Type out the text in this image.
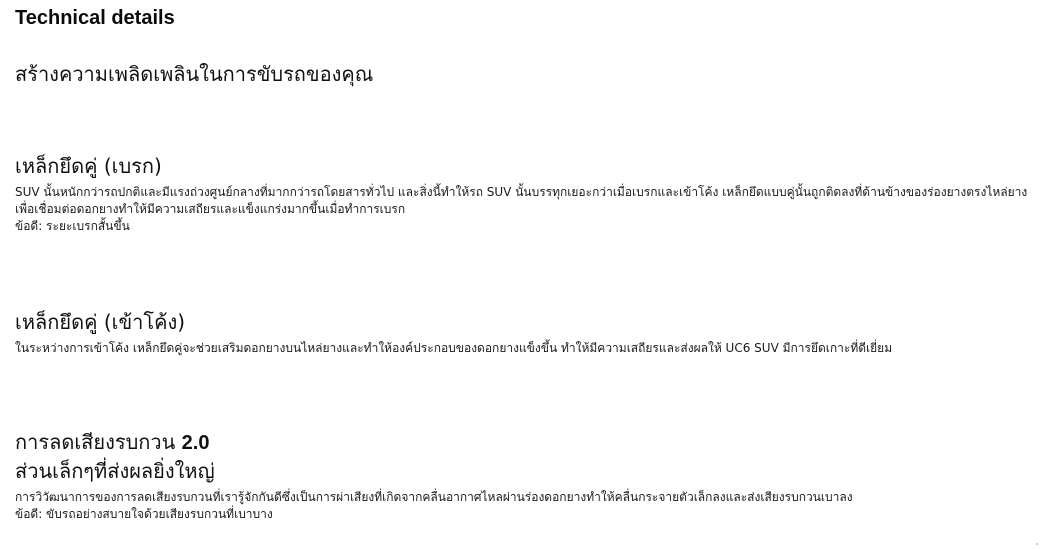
Technical details
สร้างความเพลิดเพลินในการขับรถของคุณ
เหล็กยึดคู่ (เบรก)

SUV นั้นหนักกว่ารถปกติและมีแรงถ่วงศูนย์กลางที่มากกว่ารถโดยสารทั่วไป และสิ่งนี้ทำให้รถ SUV นั้นบรรทุกเยอะกว่าเมื่อเบรกและเข้าโค้ง เหล็กยึดแบบคู่นั้นถูกติดลงที่ด้านข้างของร่องยางตรงไหล่ยางเพื่อเชื่อมต่อดอกยางทำให้มีความเสถียรและแข็งแกร่งมากขึ้นเมื่อทำการเบรก

ข้อดี: ระยะเบรกสั้นขึ้น

เหล็กยึดคู่ (เข้าโค้ง)

ในระหว่างการเข้าโค้ง เหล็กยึดคู่จะช่วยเสริมดอกยางบนไหล่ยางและทำให้องค์ประกอบของดอกยางแข็งขึ้น ทำให้มีความเสถียรและส่งผลให้ UC6 SUV มีการยึดเกาะที่ดีเยี่ยม

การลดเสียงรบกวน 2.0
ส่วนเล็กๆที่ส่งผลยิ่งใหญ่

การวิวัฒนาการของการลดเสียงรบกวนที่เรารู้จักกันดีซึ่งเป็นการผ่าเสียงที่เกิดจากคลื่นอากาศไหลผ่านร่องดอกยางทำให้คลื่นกระจายตัวเล็กลงและส่งเสียงรบกวนเบาลง

ข้อดี: ขับรถอย่างสบายใจด้วยเสียงรบกวนที่เบาบาง
